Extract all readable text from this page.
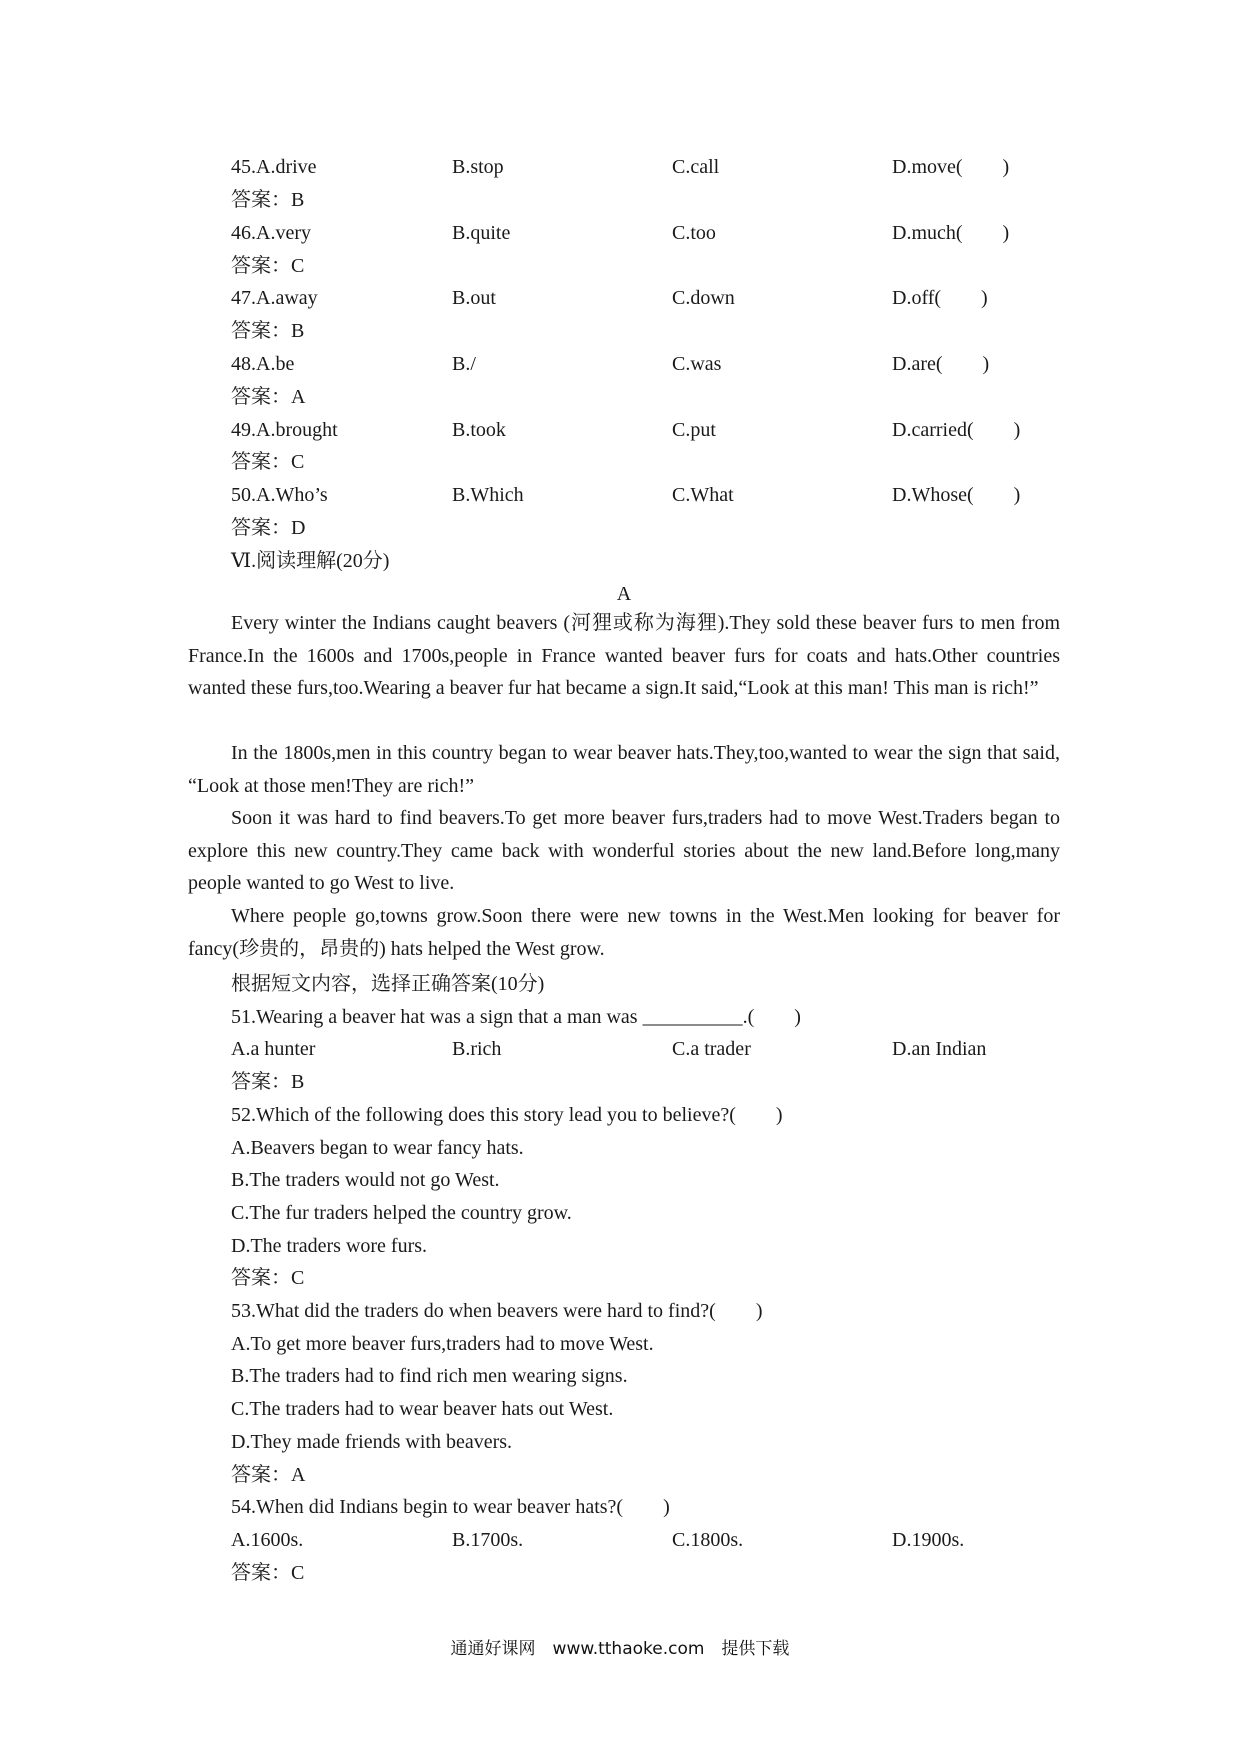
45.A.drive	B.stop	C.call	D.move(　　)
答案：B
46.A.very	B.quite	C.too	D.much(　　)
答案：C
47.A.away	B.out	C.down	D.off(　　)
答案：B
48.A.be	B./	C.was	D.are(　　)
答案：A
49.A.brought	B.took	C.put	D.carried(　　)
答案：C
50.A.Who’s	B.Which	C.What	D.Whose(　　)
答案：D
Ⅵ.阅读理解(20分)
A

Every winter the Indians caught beavers (河狸或称为海狸).They sold these beaver furs to men from France.In the 1600s and 1700s,people in France wanted beaver furs for coats and hats.Other countries wanted these furs,too.Wearing a beaver fur hat became a sign.It said,“Look at this man! This man is rich!”

In the 1800s,men in this country began to wear beaver hats.They,too,wanted to wear the sign that said, “Look at those men!They are rich!”

Soon it was hard to find beavers.To get more beaver furs,traders had to move West.Traders began to explore this new country.They came back with wonderful stories about the new land.Before long,many people wanted to go West to live.

Where people go,towns grow.Soon there were new towns in the West.Men looking for beaver for fancy(珍贵的，昂贵的) hats helped the West grow.

根据短文内容，选择正确答案(10分)
51.Wearing a beaver hat was a sign that a man was __________.(　　)
A.a hunter	B.rich	C.a trader	D.an Indian
答案：B
52.Which of the following does this story lead you to believe?(　　)
A.Beavers began to wear fancy hats.
B.The traders would not go West.
C.The fur traders helped the country grow.
D.The traders wore furs.
答案：C
53.What did the traders do when beavers were hard to find?(　　)
A.To get more beaver furs,traders had to move West.
B.The traders had to find rich men wearing signs.
C.The traders had to wear beaver hats out West.
D.They made friends with beavers.
答案：A
54.When did Indians begin to wear beaver hats?(　　)
A.1600s.	B.1700s.	C.1800s.	D.1900s.
答案：C
通通好课网　www.tthaoke.com　提供下载
